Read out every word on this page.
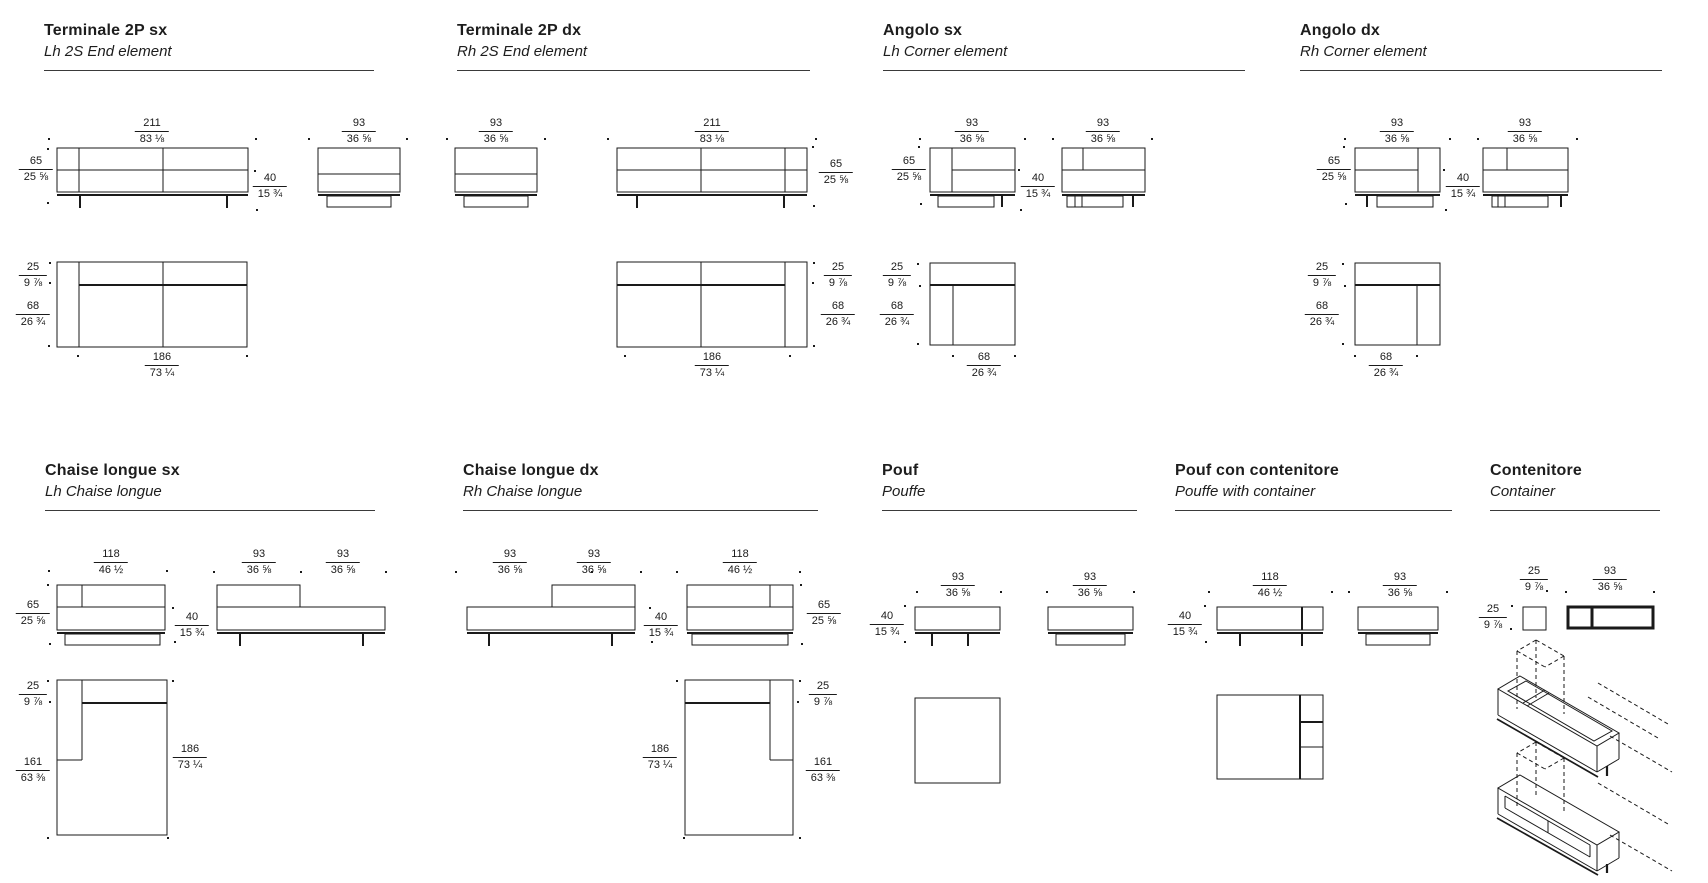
Terminale 2P sx
Lh 2S End element
Terminale 2P dx
Rh 2S End element
Angolo sx
Lh Corner element
Angolo dx
Rh Corner element
Chaise longue sx
Lh Chaise longue
Chaise longue dx
Rh Chaise longue
Pouf
Pouffe
Pouf con contenitore
Pouffe with container
Contenitore
Container
211
83 ⅛
93
36 ⅝
65
25 ⅝	40
15 ¾
25
9 ⅞
68
26 ¾
186
73 ¼
93
36 ⅝
211
83 ⅛
65
25 ⅝
25
9 ⅞
68
26 ¾
186
73 ¼
93
36 ⅝
93
36 ⅝
65
25 ⅝	40
15 ¾
25
9 ⅞
68
26 ¾
68
26 ¾
93
36 ⅝
93
36 ⅝
65
25 ⅝	40
15 ¾
25
9 ⅞
68
26 ¾
68
26 ¾
118
46 ½
93
36 ⅝
93
36 ⅝
65
25 ⅝	40
15 ¾
25
9 ⅞
161
63 ⅜
186
73 ¼
93
36 ⅝
93
36 ⅝
118
46 ½
40
15 ¾
65
25 ⅝
186
73 ¼
25
9 ⅞
161
63 ⅜
40
15 ¾
93
36 ⅝
93
36 ⅝
40
15 ¾
118
46 ½
93
36 ⅝
25
9 ⅞
25
9 ⅞
93
36 ⅝
